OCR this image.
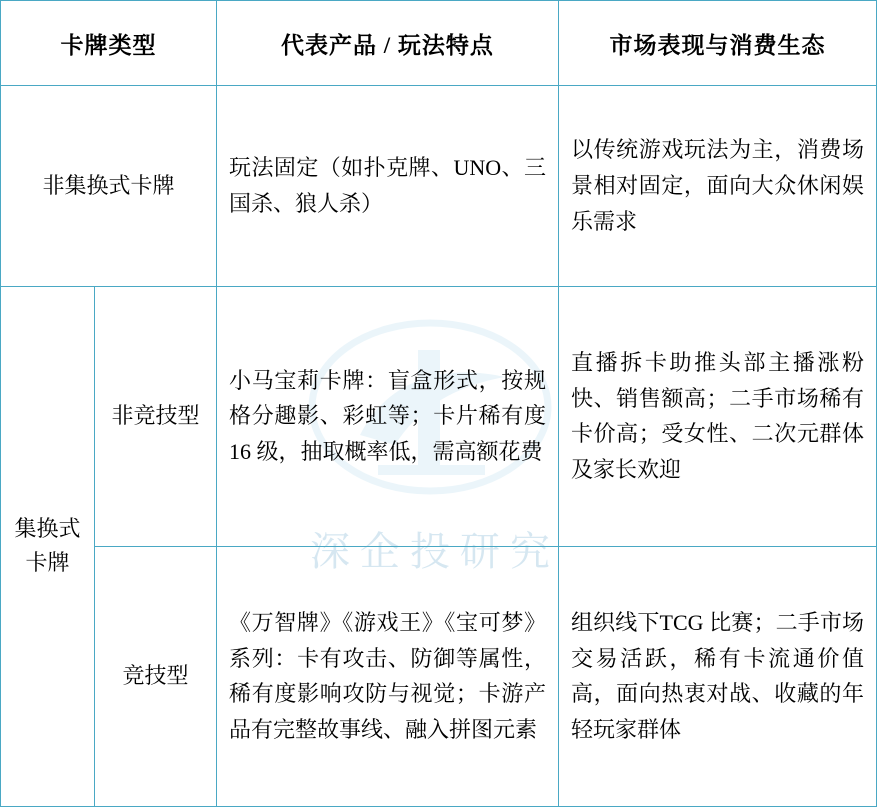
深企投研究
卡牌类型		代表产品 / 玩法特点	市场表现与消费生态
非集换式卡牌		玩法固定（如扑克牌、UNO、三国杀、狼人杀）	以传统游戏玩法为主，消费场景相对固定，面向大众休闲娱乐需求
集换式卡牌	非竞技型	小马宝莉卡牌：盲盒形式，按规格分趣影、彩虹等；卡片稀有度 16 级，抽取概率低，需高额花费	直播拆卡助推头部主播涨粉快、销售额高；二手市场稀有卡价高；受女性、二次元群体及家长欢迎
	竞技型	《万智牌》《游戏王》《宝可梦》系列：卡有攻击、防御等属性，稀有度影响攻防与视觉；卡游产品有完整故事线、融入拼图元素	组织线下TCG 比赛；二手市场交易活跃，稀有卡流通价值高，面向热衷对战、收藏的年轻玩家群体
